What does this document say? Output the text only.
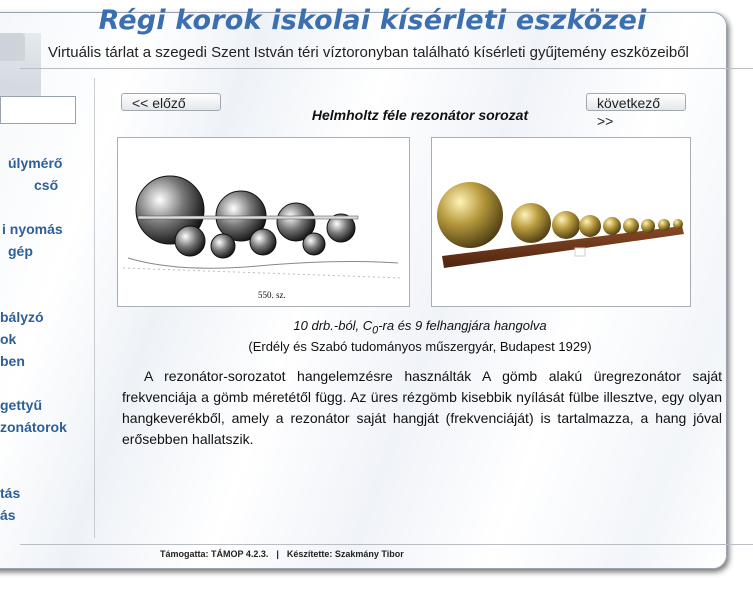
Régi korok iskolai kísérleti eszközei
Virtuális tárlat a szegedi Szent István téri víztoronyban található kísérleti gyűjtemény eszközeiből
úlymérő
cső
i nyomás
gép
bályzó
ok
ben
gettyű
zonátorok
tás
ás
<< előző	következő >>
Helmholtz féle rezonátor sorozat
550. sz.
10 drb.-ból, $C_0-ra$ és 9 felhangjára hangolva
(Erdély és Szabó tudományos műszergyár, Budapest 1929)

A rezonátor-sorozatot hangelemzésre használták A gömb alakú üregrezonátor saját frekvenciája a gömb méretétől függ. Az üres rézgömb kisebbik nyílását fülbe illesztve, egy olyan hangkeverékből, amely a rezonátor saját hangját (frekvenciáját) is tartalmazza, a hang jóval erősebben hallatszik.

Támogatta: TÁMOP 4.2.3. | Készítette: Szakmány Tibor
